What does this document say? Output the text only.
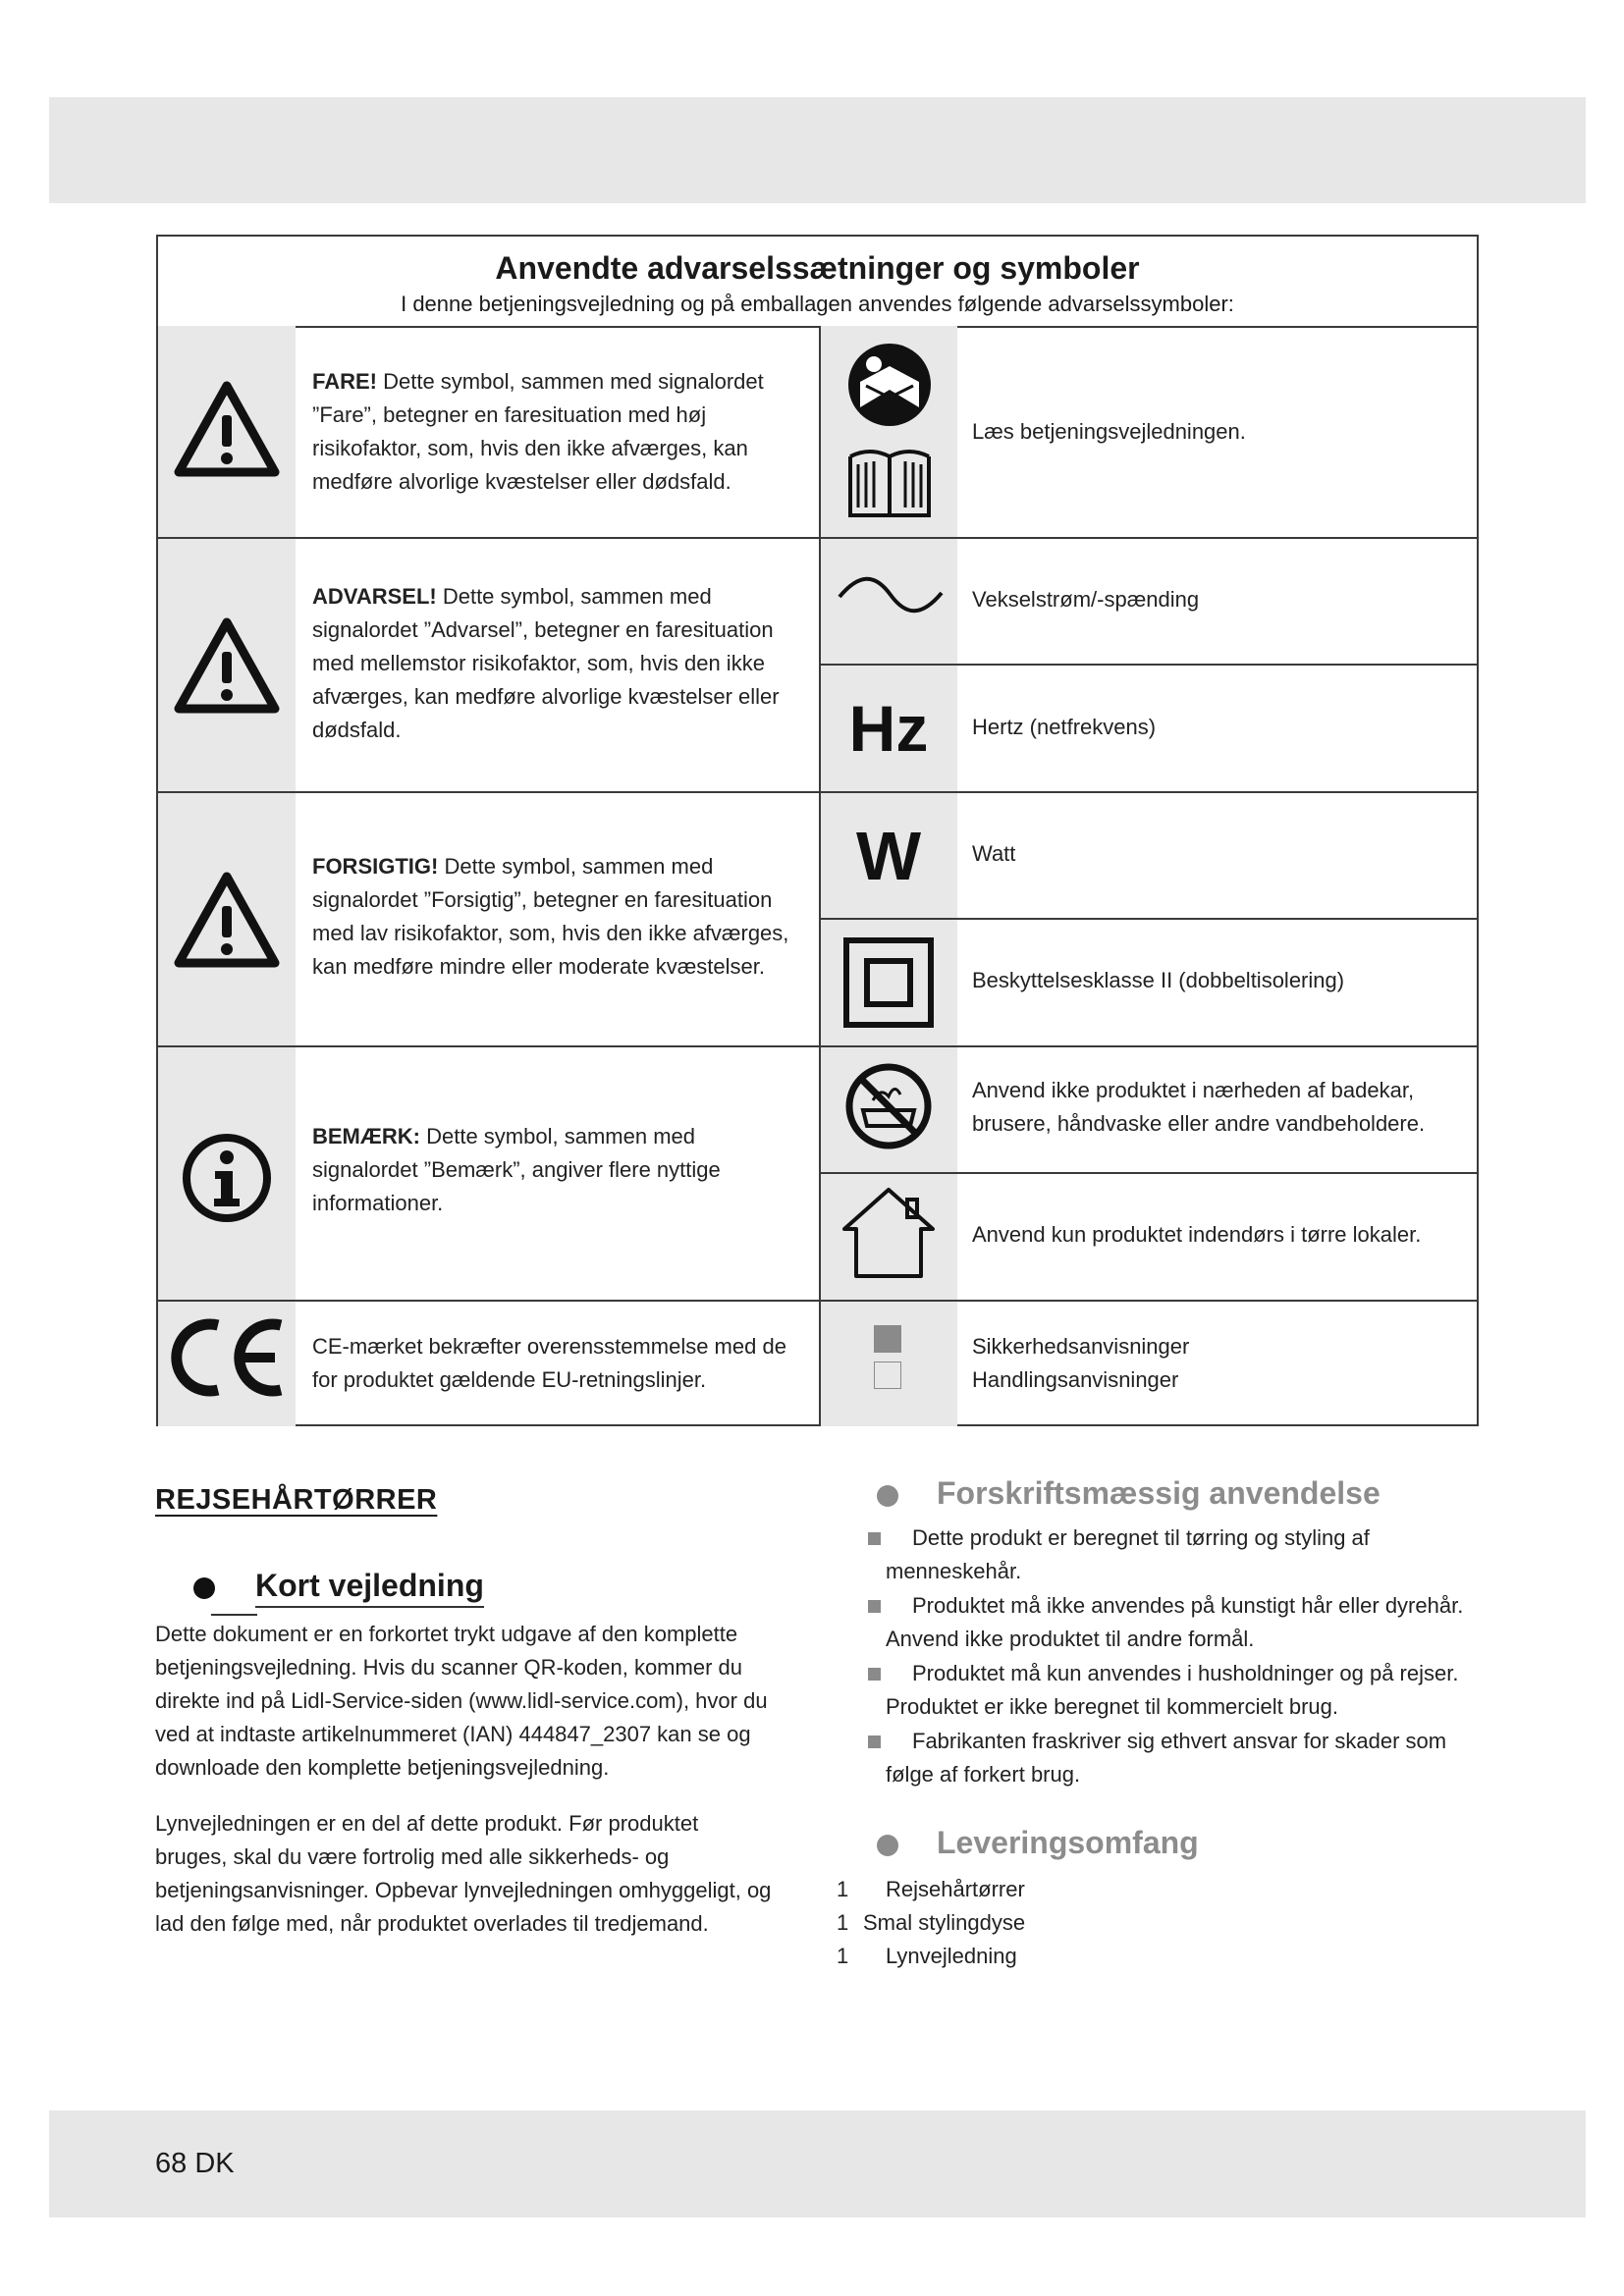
Anvendte advarselssætninger og symboler
I denne betjeningsvejledning og på emballagen anvendes følgende advarselssymboler:
FARE! Dette symbol, sammen med signalordet
”Fare”, betegner en faresituation med høj
risikofaktor, som, hvis den ikke afværges, kan
medføre alvorlige kvæstelser eller dødsfald.
ADVARSEL! Dette symbol, sammen med
signalordet ”Advarsel”, betegner en faresituation
med mellemstor risikofaktor, som, hvis den ikke
afværges, kan medføre alvorlige kvæstelser eller
dødsfald.
FORSIGTIG! Dette symbol, sammen med
signalordet ”Forsigtig”, betegner en faresituation
med lav risikofaktor, som, hvis den ikke afværges,
kan medføre mindre eller moderate kvæstelser.
BEMÆRK: Dette symbol, sammen med
signalordet ”Bemærk”, angiver flere nyttige
informationer.
CE-mærket bekræfter overensstemmelse med de
for produktet gældende EU-retningslinjer.
Hz
W
Læs betjeningsvejledningen.
Vekselstrøm/-spænding
Hertz (netfrekvens)
Watt
Beskyttelsesklasse II (dobbeltisolering)
Anvend ikke produktet i nærheden af badekar,
brusere, håndvaske eller andre vandbeholdere.
Anvend kun produktet indendørs i tørre lokaler.
Sikkerhedsanvisninger
Handlingsanvisninger
REJSEHÅRTØRRER
Kort vejledning
Dette dokument er en forkortet trykt udgave af den komplette
betjeningsvejledning. Hvis du scanner QR-koden, kommer du
direkte ind på Lidl-Service-siden (www.lidl-service.com), hvor du
ved at indtaste artikelnummeret (IAN) 444847_2307 kan se og
downloade den komplette betjeningsvejledning.
Lynvejledningen er en del af dette produkt. Før produktet
bruges, skal du være fortrolig med alle sikkerheds- og
betjeningsanvisninger. Opbevar lynvejledningen omhyggeligt, og
lad den følge med, når produktet overlades til tredjemand.
Forskriftsmæssig anvendelse
Dette produkt er beregnet til tørring og styling af
menneskehår.
Produktet må ikke anvendes på kunstigt hår eller dyrehår.
Anvend ikke produktet til andre formål.
Produktet må kun anvendes i husholdninger og på rejser.
Produktet er ikke beregnet til kommercielt brug.
Fabrikanten fraskriver sig ethvert ansvar for skader som
følge af forkert brug.
Leveringsomfang
1 Rejsehårtørrer
1 Smal stylingdyse
1 Lynvejledning
68 DK
